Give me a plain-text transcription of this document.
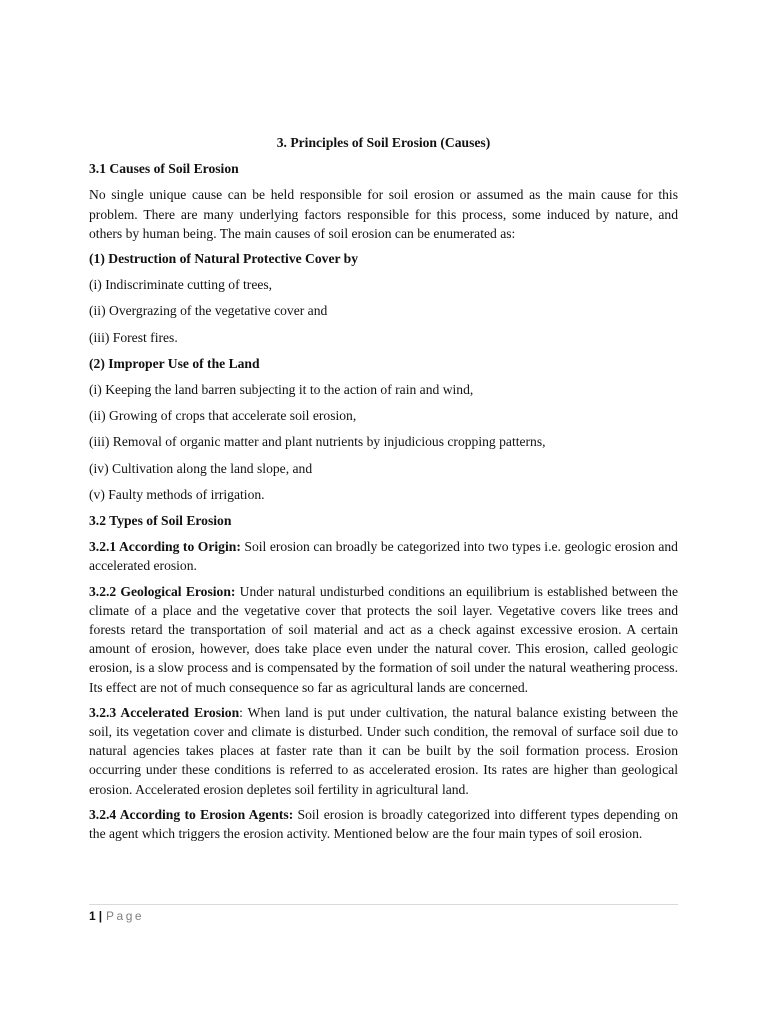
3. Principles of Soil Erosion (Causes)
3.1 Causes of Soil Erosion
No single unique cause can be held responsible for soil erosion or assumed as the main cause for this problem. There are many underlying factors responsible for this process, some induced by nature, and others by human being. The main causes of soil erosion can be enumerated as:
(1) Destruction of Natural Protective Cover by
(i) Indiscriminate cutting of trees,
(ii) Overgrazing of the vegetative cover and
(iii) Forest fires.
(2) Improper Use of the Land
(i) Keeping the land barren subjecting it to the action of rain and wind,
(ii) Growing of crops that accelerate soil erosion,
(iii) Removal of organic matter and plant nutrients by injudicious cropping patterns,
(iv) Cultivation along the land slope, and
(v) Faulty methods of irrigation.
3.2 Types of Soil Erosion
3.2.1 According to Origin: Soil erosion can broadly be categorized into two types i.e. geologic erosion and accelerated erosion.
3.2.2 Geological Erosion: Under natural undisturbed conditions an equilibrium is established between the climate of a place and the vegetative cover that protects the soil layer. Vegetative covers like trees and forests retard the transportation of soil material and act as a check against excessive erosion. A certain amount of erosion, however, does take place even under the natural cover. This erosion, called geologic erosion, is a slow process and is compensated by the formation of soil under the natural weathering process. Its effect are not of much consequence so far as agricultural lands are concerned.
3.2.3 Accelerated Erosion: When land is put under cultivation, the natural balance existing between the soil, its vegetation cover and climate is disturbed. Under such condition, the removal of surface soil due to natural agencies takes places at faster rate than it can be built by the soil formation process. Erosion occurring under these conditions is referred to as accelerated erosion. Its rates are higher than geological erosion. Accelerated erosion depletes soil fertility in agricultural land.
3.2.4 According to Erosion Agents: Soil erosion is broadly categorized into different types depending on the agent which triggers the erosion activity. Mentioned below are the four main types of soil erosion.
1 | Page
